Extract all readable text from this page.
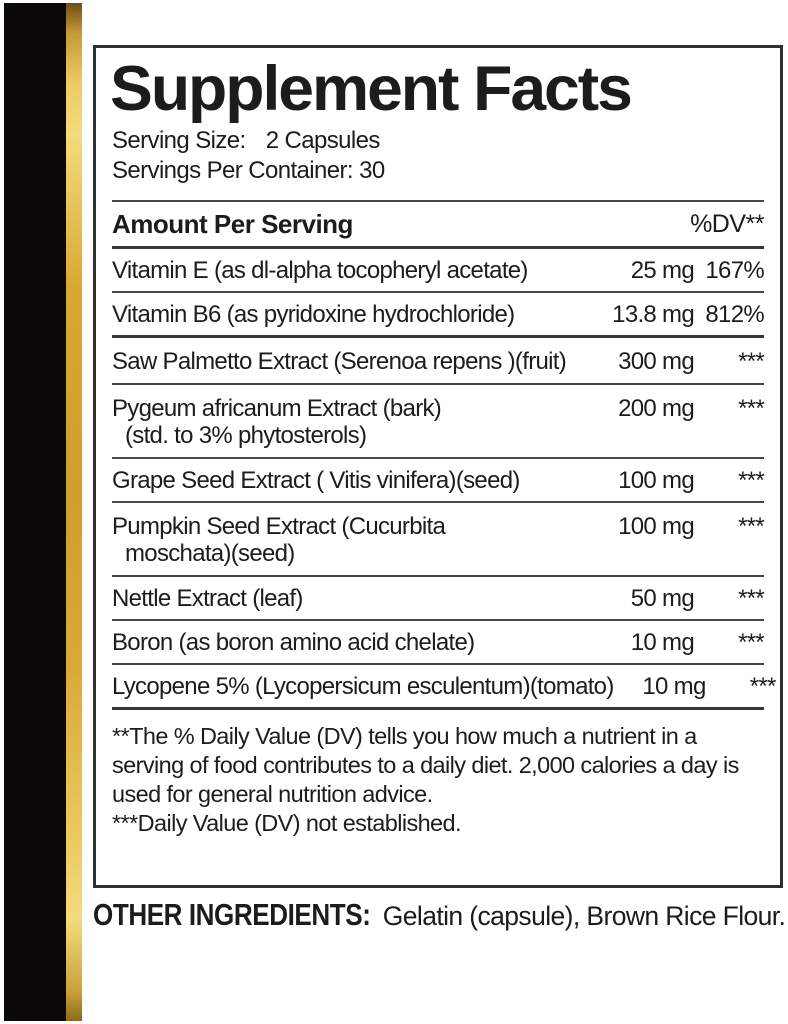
Supplement Facts
Serving Size: 2 Capsules
Servings Per Container: 30
Amount Per Serving	%DV**
Vitamin E (as dl-alpha tocopheryl acetate)	25 mg 167%
Vitamin B6 (as pyridoxine hydrochloride)	13.8 mg 812%
Saw Palmetto Extract (Serenoa repens )(fruit)	300 mg	***
Pygeum africanum Extract (bark)
(std. to 3% phytosterols)
200 mg	***
Grape Seed Extract ( Vitis vinifera)(seed)	100 mg	***
Pumpkin Seed Extract (Cucurbita
moschata)(seed)
100 mg	***
Nettle Extract (leaf)	50 mg	***
Boron (as boron amino acid chelate)	10 mg	***
Lycopene 5% (Lycopersicum esculentum)(tomato)	10 mg	***
**The % Daily Value (DV) tells you how much a nutrient in a serving of food contributes to a daily diet. 2,000 calories a day is used for general nutrition advice.
***Daily Value (DV) not established.
OTHER INGREDIENTS: Gelatin (capsule), Brown Rice Flour.
